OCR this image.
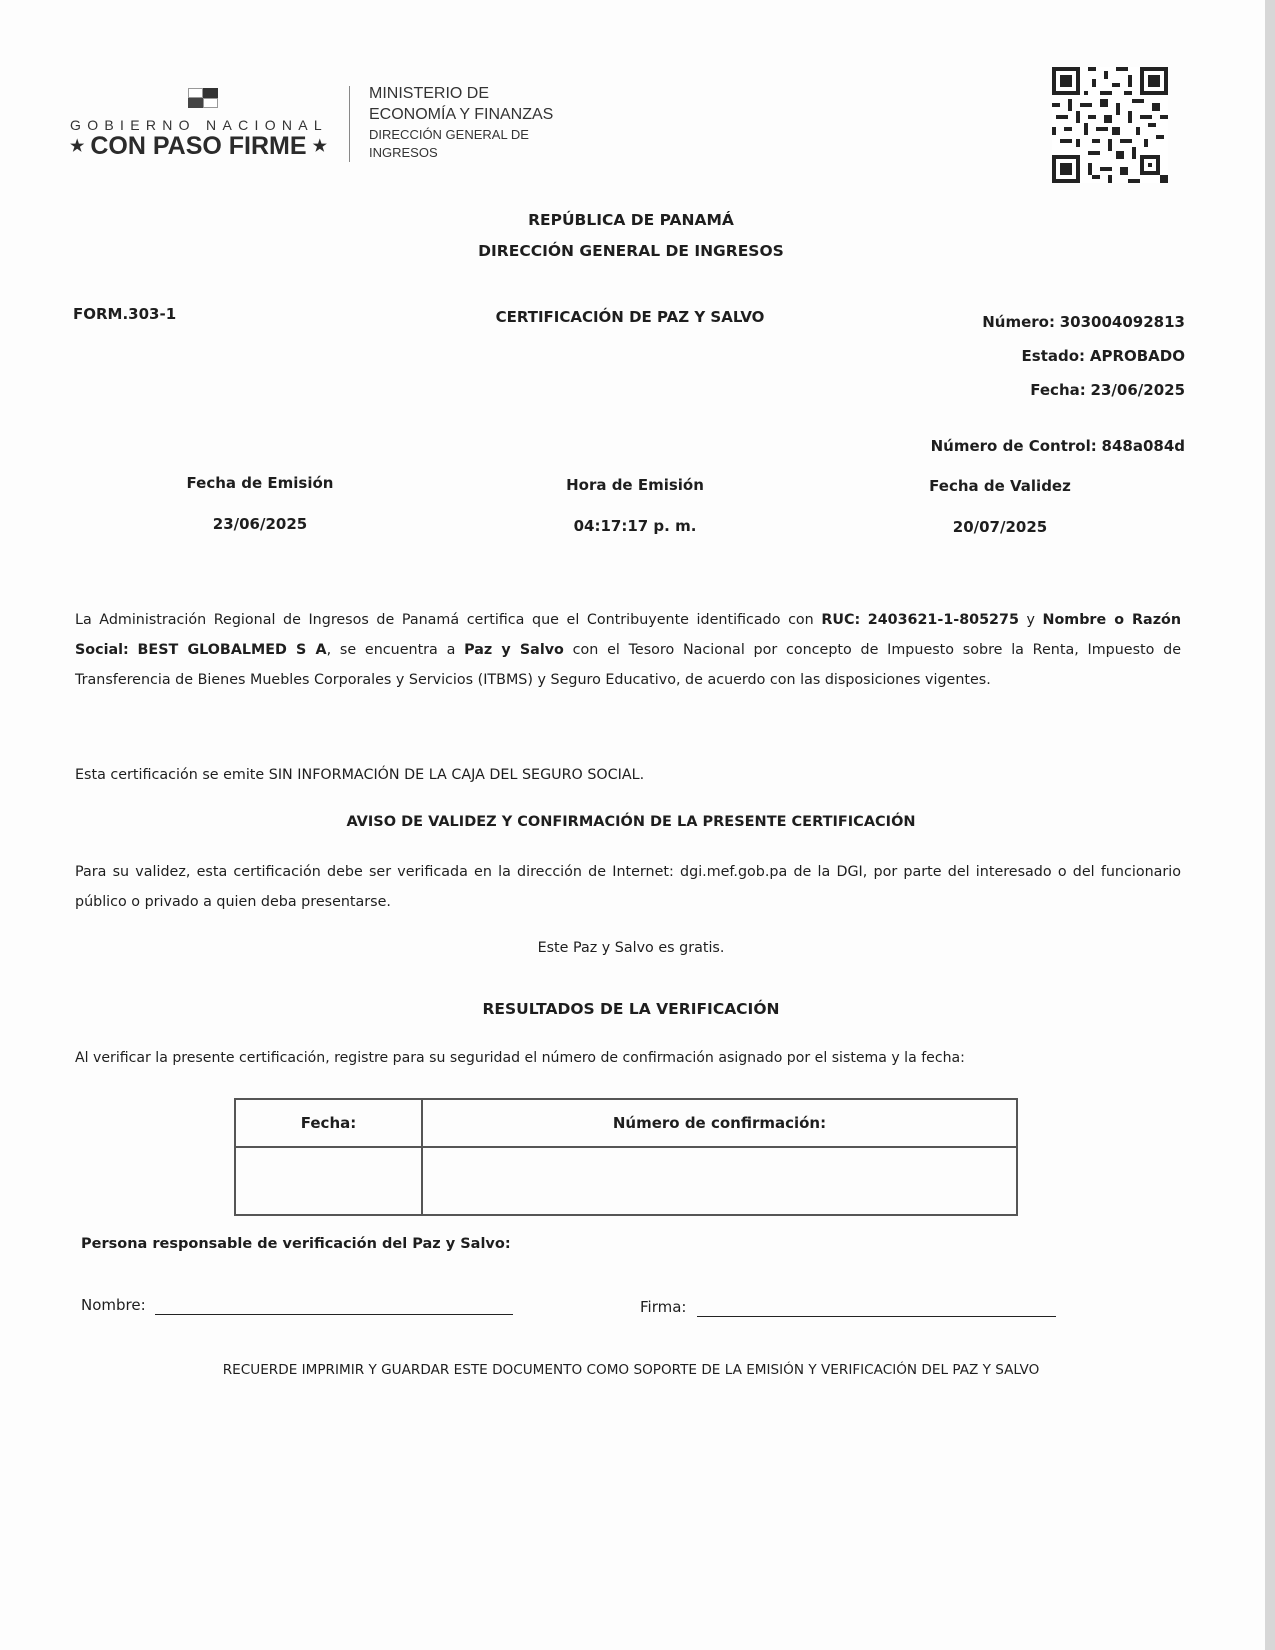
GOBIERNO NACIONAL
★ CON PASO FIRME ★
MINISTERIO DE
ECONOMÍA Y FINANZAS
DIRECCIÓN GENERAL DE
INGRESOS
REPÚBLICA DE PANAMÁ
DIRECCIÓN GENERAL DE INGRESOS
FORM.303-1	CERTIFICACIÓN DE PAZ Y SALVO	Número: 303004092813
Estado: APROBADO
Fecha: 23/06/2025
Número de Control: 848a084d
Fecha de Emisión
23/06/2025
Hora de Emisión
04:17:17 p. m.
Fecha de Validez
20/07/2025
La Administración Regional de Ingresos de Panamá certifica que el Contribuyente identificado con RUC: 2403621-1-805275 y Nombre o Razón Social: BEST GLOBALMED S A, se encuentra a Paz y Salvo con el Tesoro Nacional por concepto de Impuesto sobre la Renta, Impuesto de Transferencia de Bienes Muebles Corporales y Servicios (ITBMS) y Seguro Educativo, de acuerdo con las disposiciones vigentes.
Esta certificación se emite SIN INFORMACIÓN DE LA CAJA DEL SEGURO SOCIAL.
AVISO DE VALIDEZ Y CONFIRMACIÓN DE LA PRESENTE CERTIFICACIÓN
Para su validez, esta certificación debe ser verificada en la dirección de Internet: dgi.mef.gob.pa de la DGI, por parte del interesado o del funcionario público o privado a quien deba presentarse.
Este Paz y Salvo es gratis.
RESULTADOS DE LA VERIFICACIÓN
Al verificar la presente certificación, registre para su seguridad el número de confirmación asignado por el sistema y la fecha:
Fecha:	Número de confirmación:

Persona responsable de verificación del Paz y Salvo:
Nombre:	Firma:
RECUERDE IMPRIMIR Y GUARDAR ESTE DOCUMENTO COMO SOPORTE DE LA EMISIÓN Y VERIFICACIÓN DEL PAZ Y SALVO
